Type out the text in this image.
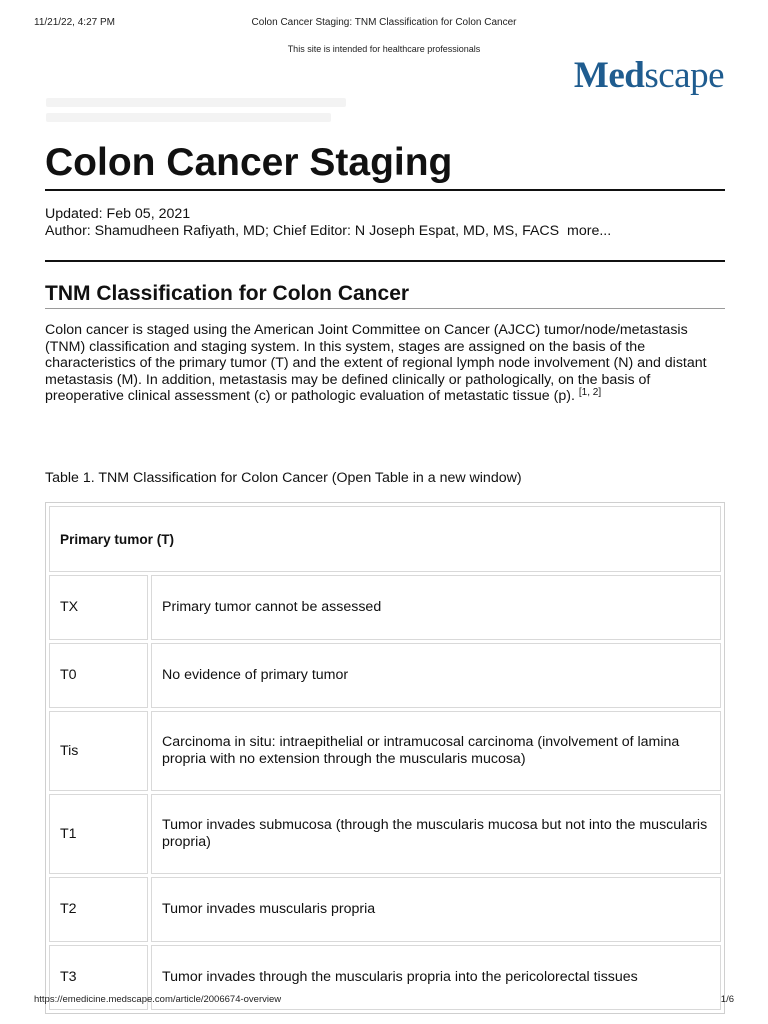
11/21/22, 4:27 PM	Colon Cancer Staging: TNM Classification for Colon Cancer
This site is intended for healthcare professionals
Medscape
Colon Cancer Staging
Updated: Feb 05, 2021
Author: Shamudheen Rafiyath, MD; Chief Editor: N Joseph Espat, MD, MS, FACS more...
TNM Classification for Colon Cancer

Colon cancer is staged using the American Joint Committee on Cancer (AJCC) tumor/node/metastasis (TNM) classification and staging system. In this system, stages are assigned on the basis of the characteristics of the primary tumor (T) and the extent of regional lymph node involvement (N) and distant metastasis (M). In addition, metastasis may be defined clinically or pathologically, on the basis of preoperative clinical assessment (c) or pathologic evaluation of metastatic tissue (p). [1, 2]

Table 1. TNM Classification for Colon Cancer (Open Table in a new window)
Primary tumor (T)	
TX	Primary tumor cannot be assessed
T0	No evidence of primary tumor
Tis	Carcinoma in situ: intraepithelial or intramucosal carcinoma (involvement of lamina propria with no extension through the muscularis mucosa)
T1	Tumor invades submucosa (through the muscularis mucosa but not into the muscularis propria)
T2	Tumor invades muscularis propria
T3	Tumor invades through the muscularis propria into the pericolorectal tissues
https://emedicine.medscape.com/article/2006674-overview	1/6
